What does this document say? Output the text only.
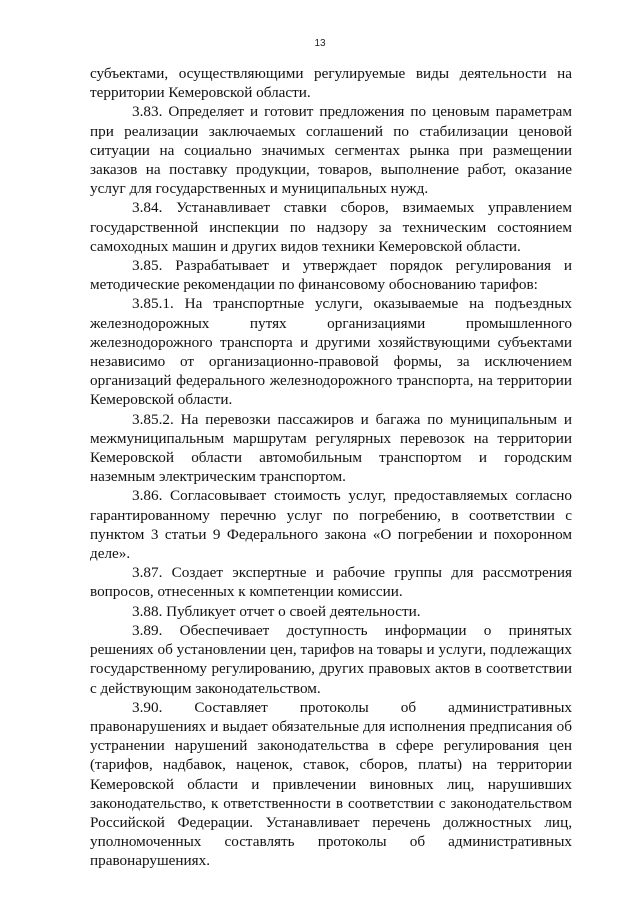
13

субъектами, осуществляющими регулируемые виды деятельности на территории Кемеровской области.

3.83. Определяет и готовит предложения по ценовым параметрам при реализации заключаемых соглашений по стабилизации ценовой ситуации на социально значимых сегментах рынка при размещении заказов на поставку продукции, товаров, выполнение работ, оказание услуг для государственных и муниципальных нужд.

3.84. Устанавливает ставки сборов, взимаемых управлением государственной инспекции по надзору за техническим состоянием самоходных машин и других видов техники Кемеровской области.

3.85. Разрабатывает и утверждает порядок регулирования и методические рекомендации по финансовому обоснованию тарифов:

3.85.1. На транспортные услуги, оказываемые на подъездных железнодорожных путях организациями промышленного железнодорожного транспорта и другими хозяйствующими субъектами независимо от организационно-правовой формы, за исключением организаций федерального железнодорожного транспорта, на территории Кемеровской области.

3.85.2. На перевозки пассажиров и багажа по муниципальным и межмуниципальным маршрутам регулярных перевозок на территории Кемеровской области автомобильным транспортом и городским наземным электрическим транспортом.

3.86. Согласовывает стоимость услуг, предоставляемых согласно гарантированному перечню услуг по погребению, в соответствии с пунктом 3 статьи 9 Федерального закона «О погребении и похоронном деле».

3.87. Создает экспертные и рабочие группы для рассмотрения вопросов, отнесенных к компетенции комиссии.

3.88. Публикует отчет о своей деятельности.

3.89. Обеспечивает доступность информации о принятых решениях об установлении цен, тарифов на товары и услуги, подлежащих государственному регулированию, других правовых актов в соответствии с действующим законодательством.

3.90. Составляет протоколы об административных правонарушениях и выдает обязательные для исполнения предписания об устранении нарушений законодательства в сфере регулирования цен (тарифов, надбавок, наценок, ставок, сборов, платы) на территории Кемеровской области и привлечении виновных лиц, нарушивших законодательство, к ответственности в соответствии с законодательством Российской Федерации. Устанавливает перечень должностных лиц, уполномоченных составлять протоколы об административных правонарушениях.
